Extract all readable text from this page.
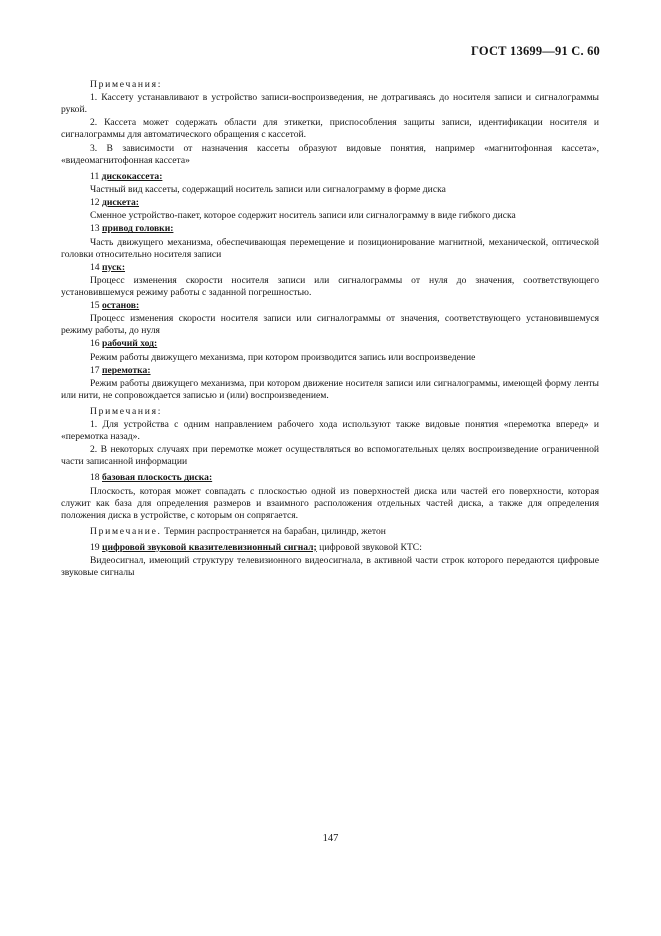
ГОСТ 13699—91 С. 60

Примечания:

1. Кассету устанавливают в устройство записи-воспроизведения, не дотрагиваясь до носителя записи и сигналограммы рукой.

2. Кассета может содержать области для этикетки, приспособления защиты записи, идентификации носителя и сигналограммы для автоматического обращения с кассетой.

3. В зависимости от назначения кассеты образуют видовые понятия, например «магнитофонная кассета», «видеомагнитофонная кассета»

11 дискокассета:

Частный вид кассеты, содержащий носитель записи или сигналограмму в форме диска

12 дискета:

Сменное устройство-пакет, которое содержит носитель записи или сигналограмму в виде гибкого диска

13 привод головки:

Часть движущего механизма, обеспечивающая перемещение и позиционирование магнитной, механической, оптической головки относительно носителя записи

14 пуск:

Процесс изменения скорости носителя записи или сигналограммы от нуля до значения, соответствующего установившемуся режиму работы с заданной погрешностью.

15 останов:

Процесс изменения скорости носителя записи или сигналограммы от значения, соответствующего установившемуся режиму работы, до нуля

16 рабочий ход:

Режим работы движущего механизма, при котором производится запись или воспроизведение

17 перемотка:

Режим работы движущего механизма, при котором движение носителя записи или сигналограммы, имеющей форму ленты или нити, не сопровождается записью и (или) воспроизведением.

Примечания:

1. Для устройства с одним направлением рабочего хода используют также видовые понятия «перемотка вперед» и «перемотка назад».

2. В некоторых случаях при перемотке может осуществляться во вспомогательных целях воспроизведение ограниченной части записанной информации

18 базовая плоскость диска:

Плоскость, которая может совпадать с плоскостью одной из поверхностей диска или частей его поверхности, которая служит как база для определения размеров и взаимного расположения отдельных частей диска, а также для определения положения диска в устройстве, с которым он сопрягается.

Примечание. Термин распространяется на барабан, цилиндр, жетон

19 цифровой звуковой квазителевизионный сигнал; цифровой звуковой КТС:

Видеосигнал, имеющий структуру телевизионного видеосигнала, в активной части строк которого передаются цифровые звуковые сигналы

147
